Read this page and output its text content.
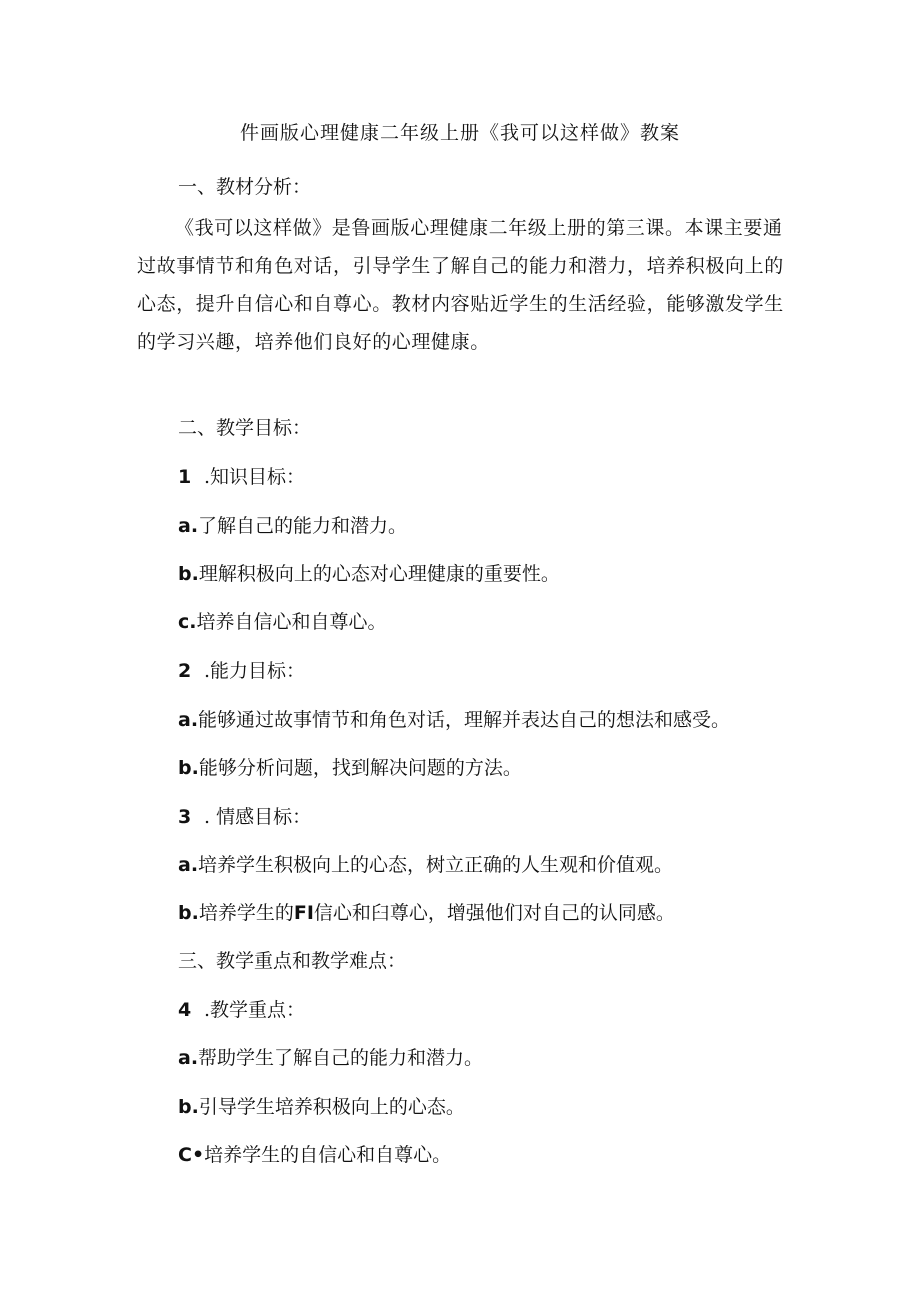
件画版心理健康二年级上册《我可以这样做》教案
一、教材分析：
《我可以这样做》是鲁画版心理健康二年级上册的第三课。本课主要通过故事情节和角色对话，引导学生了解自己的能力和潜力，培养积极向上的心态，提升自信心和自尊心。教材内容贴近学生的生活经验，能够激发学生的学习兴趣，培养他们良好的心理健康。
二、教学目标：
1 .知识目标：
a.了解自己的能力和潜力。
b.理解积极向上的心态对心理健康的重要性。
c.培养自信心和自尊心。
2 .能力目标：
a.能够通过故事情节和角色对话，理解并表达自己的想法和感受。
b.能够分析问题，找到解决问题的方法。
3 . 情感目标：
a.培养学生积极向上的心态，树立正确的人生观和价值观。
b.培养学生的FI信心和臼尊心，增强他们对自己的认同感。
三、教学重点和教学难点：
4 .教学重点：
a.帮助学生了解自己的能力和潜力。
b.引导学生培养积极向上的心态。
C•培养学生的自信心和自尊心。
